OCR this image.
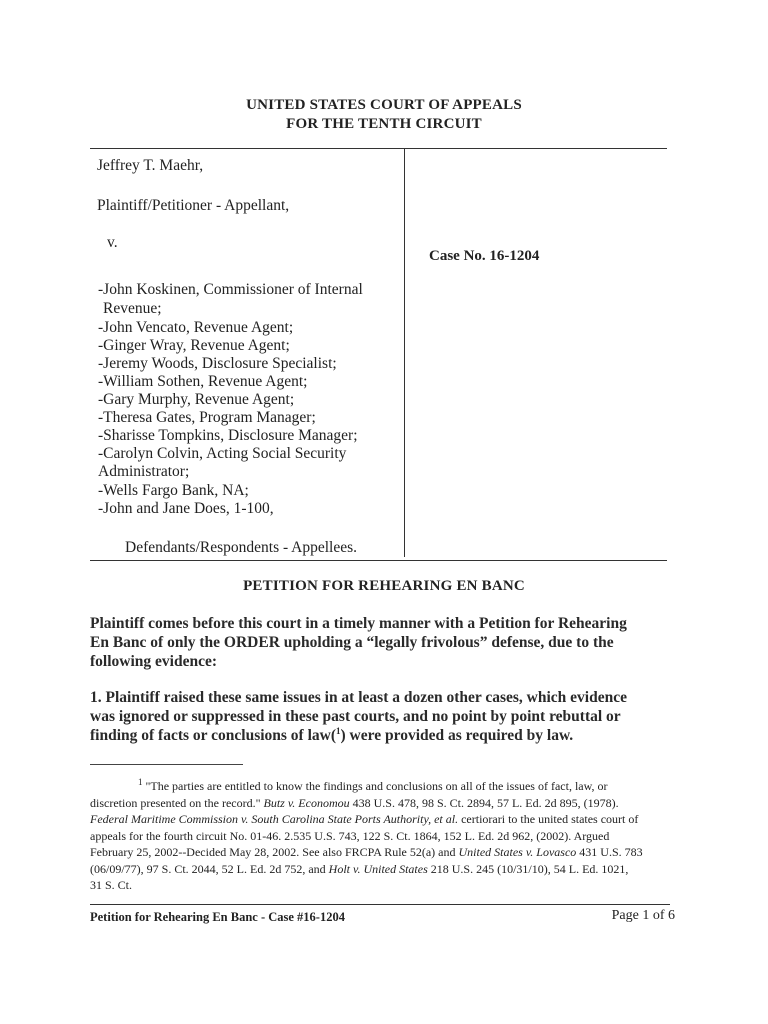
UNITED STATES COURT OF APPEALS
FOR THE TENTH CIRCUIT
Jeffrey T. Maehr,
Plaintiff/Petitioner - Appellant,
v.
-John Koskinen, Commissioner of Internal
Revenue;
-John Vencato, Revenue Agent;
-Ginger Wray, Revenue Agent;
-Jeremy Woods, Disclosure Specialist;
-William Sothen, Revenue Agent;
-Gary Murphy, Revenue Agent;
-Theresa Gates, Program Manager;
-Sharisse Tompkins, Disclosure Manager;
-Carolyn Colvin, Acting Social Security
Administrator;
-Wells Fargo Bank, NA;
-John and Jane Does, 1-100,
Defendants/Respondents - Appellees.
Case No. 16-1204
PETITION FOR REHEARING EN BANC
Plaintiff comes before this court in a timely manner with a Petition for Rehearing
En Banc of only the ORDER upholding a “legally frivolous” defense, due to the
following evidence:
1. Plaintiff raised these same issues in at least a dozen other cases, which evidence
was ignored or suppressed in these past courts, and no point by point rebuttal or
finding of facts or conclusions of law($^1$) were provided as required by law.
$^1$ "The parties are entitled to know the findings and conclusions on all of the issues of fact, law, or
discretion presented on the record." Butz v. Economou 438 U.S. 478, 98 S. Ct. 2894, 57 L. Ed. 2d 895, (1978).
Federal Maritime Commission v. South Carolina State Ports Authority, et al. certiorari to the united states court of
appeals for the fourth circuit No. 01-46. 2.535 U.S. 743, 122 S. Ct. 1864, 152 L. Ed. 2d 962, (2002). Argued
February 25, 2002--Decided May 28, 2002. See also FRCPA Rule 52(a) and United States v. Lovasco 431 U.S. 783
(06/09/77), 97 S. Ct. 2044, 52 L. Ed. 2d 752, and Holt v. United States 218 U.S. 245 (10/31/10), 54 L. Ed. 1021,
31 S. Ct.
Petition for Rehearing En Banc - Case #16-1204	Page 1 of 6
